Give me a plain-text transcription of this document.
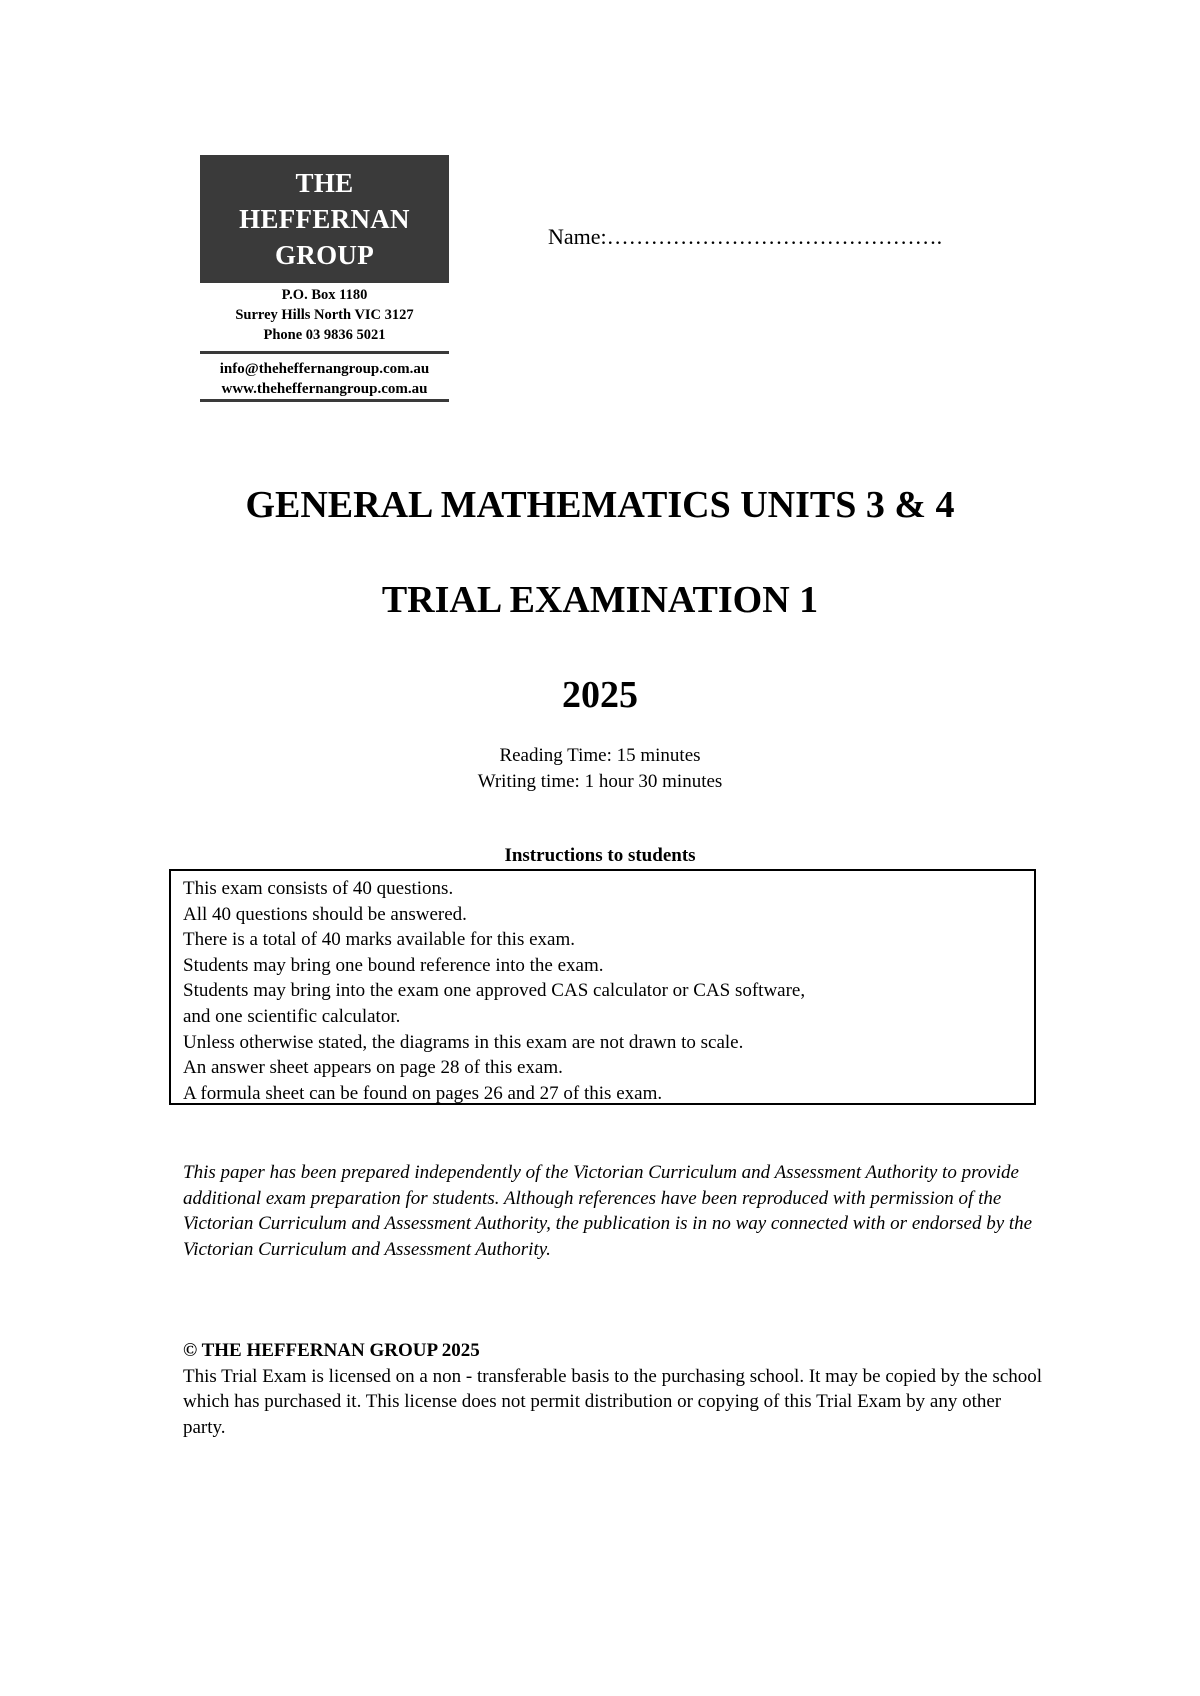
THE
HEFFERNAN
GROUP
P.O. Box 1180
Surrey Hills North VIC 3127
Phone 03 9836 5021
info@theheffernangroup.com.au
www.theheffernangroup.com.au
Name:……………………………………….
GENERAL MATHEMATICS UNITS 3 & 4
TRIAL EXAMINATION 1
2025
Reading Time: 15 minutes
Writing time: 1 hour 30 minutes
Instructions to students
This exam consists of 40 questions.
All 40 questions should be answered.
There is a total of 40 marks available for this exam.
Students may bring one bound reference into the exam.
Students may bring into the exam one approved CAS calculator or CAS software,
and one scientific calculator.
Unless otherwise stated, the diagrams in this exam are not drawn to scale.
An answer sheet appears on page 28 of this exam.
A formula sheet can be found on pages 26 and 27 of this exam.
This paper has been prepared independently of the Victorian Curriculum and Assessment Authority to provide additional exam preparation for students. Although references have been reproduced with permission of the Victorian Curriculum and Assessment Authority, the publication is in no way connected with or endorsed by the Victorian Curriculum and Assessment Authority.
© THE HEFFERNAN GROUP 2025
This Trial Exam is licensed on a non - transferable basis to the purchasing school. It may be copied by the school which has purchased it. This license does not permit distribution or copying of this Trial Exam by any other party.
